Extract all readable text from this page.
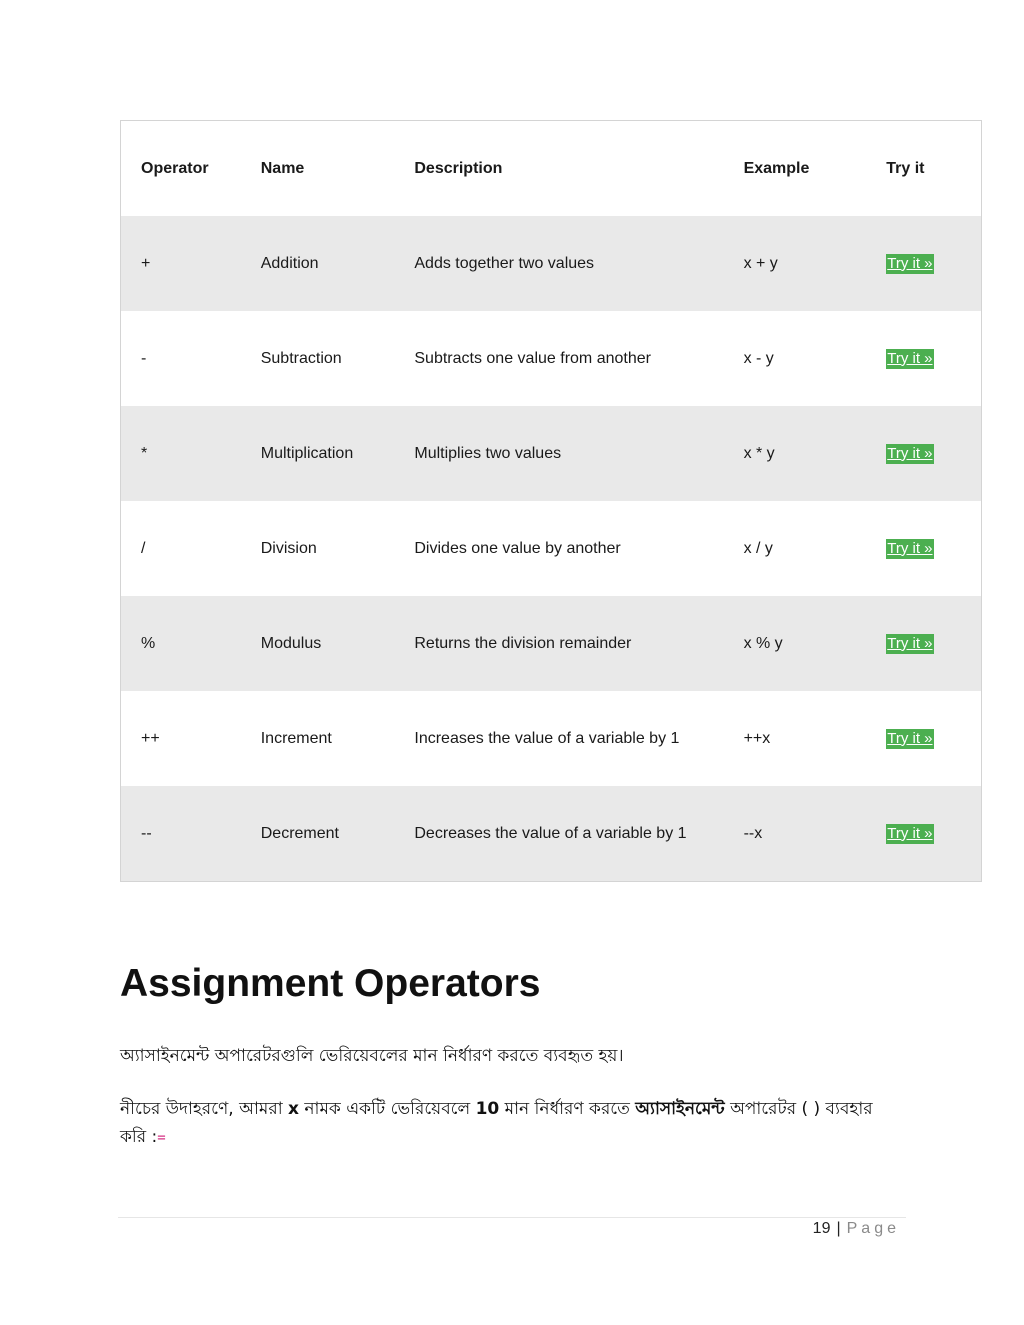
Operator	Name	Description	Example	Try it
+	Addition	Adds together two values	x + y	Try it »
-	Subtraction	Subtracts one value from another	x - y	Try it »
*	Multiplication	Multiplies two values	x * y	Try it »
/	Division	Divides one value by another	x / y	Try it »
%	Modulus	Returns the division remainder	x % y	Try it »
++	Increment	Increases the value of a variable by 1	++x	Try it »
--	Decrement	Decreases the value of a variable by 1	--x	Try it »
Assignment Operators

অ্যাসাইনমেন্ট অপারেটরগুলি ভেরিয়েবলের মান নির্ধারণ করতে ব্যবহৃত হয়।

নীচের উদাহরণে, আমরা x নামক একটি ভেরিয়েবলে 10 মান নির্ধারণ করতে অ্যাসাইনমেন্ট অপারেটর ( ) ব্যবহার করি :=

19 | Page
